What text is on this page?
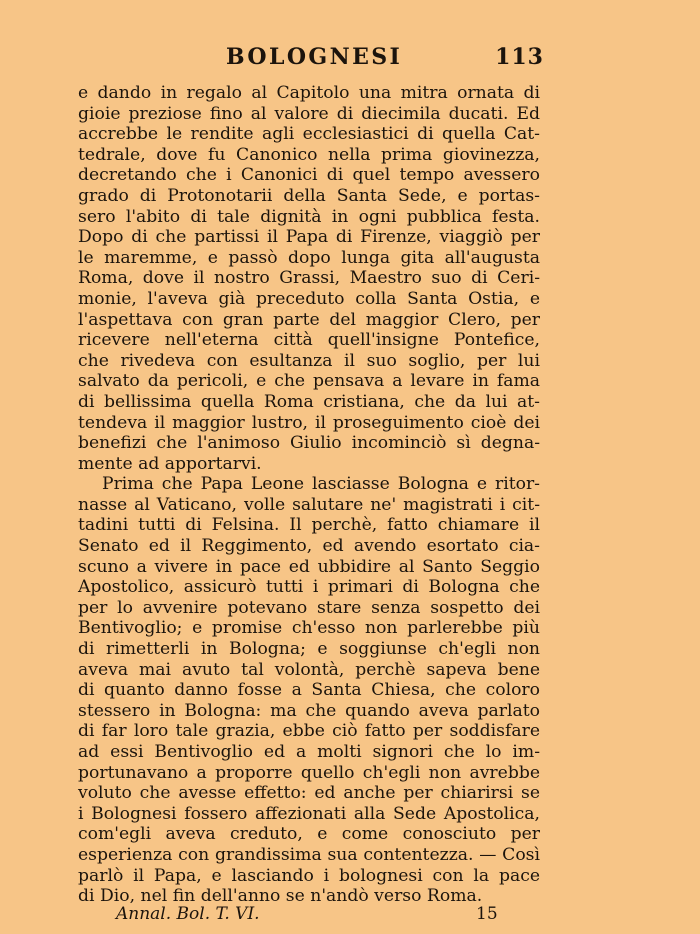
BOLOGNESI	113
e dando in regalo al Capitolo una mitra ornata di
gioie preziose fino al valore di diecimila ducati. Ed
accrebbe le rendite agli ecclesiastici di quella Cat-
tedrale, dove fu Canonico nella prima giovinezza,
decretando che i Canonici di quel tempo avessero
grado di Protonotarii della Santa Sede, e portas-
sero l'abito di tale dignità in ogni pubblica festa.
Dopo di che partissi il Papa di Firenze, viaggiò per
le maremme, e passò dopo lunga gita all'augusta
Roma, dove il nostro Grassi, Maestro suo di Ceri-
monie, l'aveva già preceduto colla Santa Ostia, e
l'aspettava con gran parte del maggior Clero, per
ricevere nell'eterna città quell'insigne Pontefice,
che rivedeva con esultanza il suo soglio, per lui
salvato da pericoli, e che pensava a levare in fama
di bellissima quella Roma cristiana, che da lui at-
tendeva il maggior lustro, il proseguimento cioè dei
benefizi che l'animoso Giulio incominciò sì degna-
mente ad apportarvi.
Prima che Papa Leone lasciasse Bologna e ritor-
nasse al Vaticano, volle salutare ne' magistrati i cit-
tadini tutti di Felsina. Il perchè, fatto chiamare il
Senato ed il Reggimento, ed avendo esortato cia-
scuno a vivere in pace ed ubbidire al Santo Seggio
Apostolico, assicurò tutti i primari di Bologna che
per lo avvenire potevano stare senza sospetto dei
Bentivoglio; e promise ch'esso non parlerebbe più
di rimetterli in Bologna; e soggiunse ch'egli non
aveva mai avuto tal volontà, perchè sapeva bene
di quanto danno fosse a Santa Chiesa, che coloro
stessero in Bologna: ma che quando aveva parlato
di far loro tale grazia, ebbe ciò fatto per soddisfare
ad essi Bentivoglio ed a molti signori che lo im-
portunavano a proporre quello ch'egli non avrebbe
voluto che avesse effetto: ed anche per chiarirsi se
i Bolognesi fossero affezionati alla Sede Apostolica,
com'egli aveva creduto, e come conosciuto per
esperienza con grandissima sua contentezza. — Così
parlò il Papa, e lasciando i bolognesi con la pace
di Dio, nel fin dell'anno se n'andò verso Roma.
Annal. Bol. T. VI.	15
